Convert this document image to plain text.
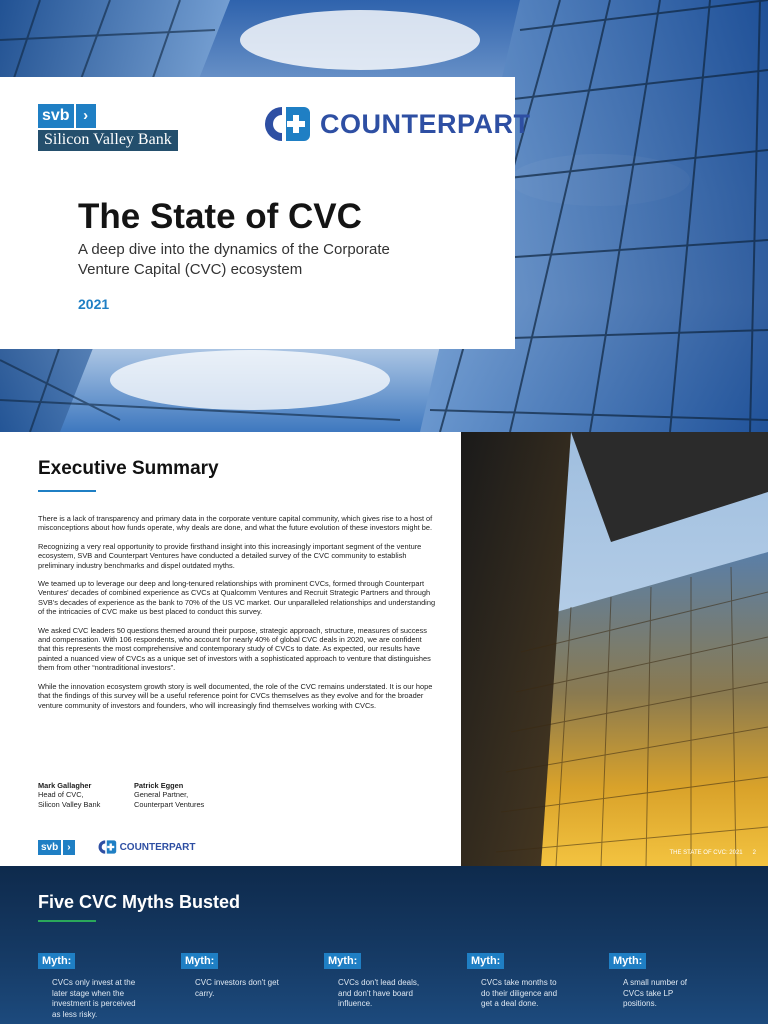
svb ›
Silicon Valley Bank
COUNTERPART
The State of CVC
A deep dive into the dynamics of the Corporate Venture Capital (CVC) ecosystem
2021
Executive Summary

There is a lack of transparency and primary data in the corporate venture capital community, which gives rise to a host of misconceptions about how funds operate, why deals are done, and what the future evolution of these investors might be.

Recognizing a very real opportunity to provide firsthand insight into this increasingly important segment of the venture ecosystem, SVB and Counterpart Ventures have conducted a detailed survey of the CVC community to establish preliminary industry benchmarks and dispel outdated myths.

We teamed up to leverage our deep and long-tenured relationships with prominent CVCs, formed through Counterpart Ventures' decades of combined experience as CVCs at Qualcomm Ventures and Recruit Strategic Partners and through SVB's decades of experience as the bank to 70% of the US VC market. Our unparalleled relationships and understanding of the intricacies of CVC make us best placed to conduct this survey.

We asked CVC leaders 50 questions themed around their purpose, strategic approach, structure, measures of success and compensation. With 106 respondents, who account for nearly 40% of global CVC deals in 2020, we are confident that this represents the most comprehensive and contemporary study of CVCs to date. As expected, our results have painted a nuanced view of CVCs as a unique set of investors with a sophisticated approach to venture that distinguishes them from other “nontraditional investors”.

While the innovation ecosystem growth story is well documented, the role of the CVC remains understated. It is our hope that the findings of this survey will be a useful reference point for CVCs themselves as they evolve and for the broader venture community of investors and founders, who will increasingly find themselves working with CVCs.

Mark Gallagher
Head of CVC,
Silicon Valley Bank
Patrick Eggen
General Partner,
Counterpart Ventures
svb ›	COUNTERPART
THE STATE OF CVC: 2021 2
Five CVC Myths Busted
Myth:
CVCs only invest at the later stage when the investment is perceived as less risky.
Myth:
CVC investors don't get carry.
Myth:
CVCs don't lead deals, and don't have board influence.
Myth:
CVCs take months to do their diligence and get a deal done.
Myth:
A small number of CVCs take LP positions.
